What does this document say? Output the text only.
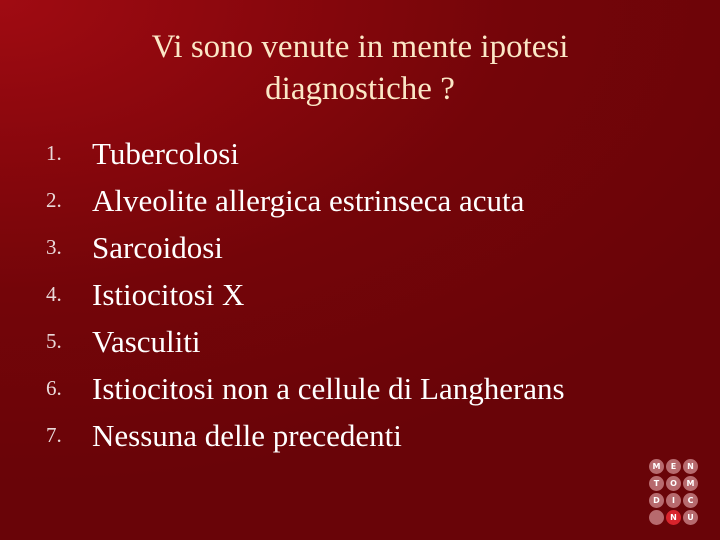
Vi sono venute in mente ipotesi
diagnostiche ?
1. Tubercolosi
2. Alveolite allergica estrinseca acuta
3. Sarcoidosi
4. Istiocitosi X
5. Vasculiti
6. Istiocitosi non a cellule di Langherans
7. Nessuna delle precedenti
M	E	N
T	O	M
D	I	C
N	U
